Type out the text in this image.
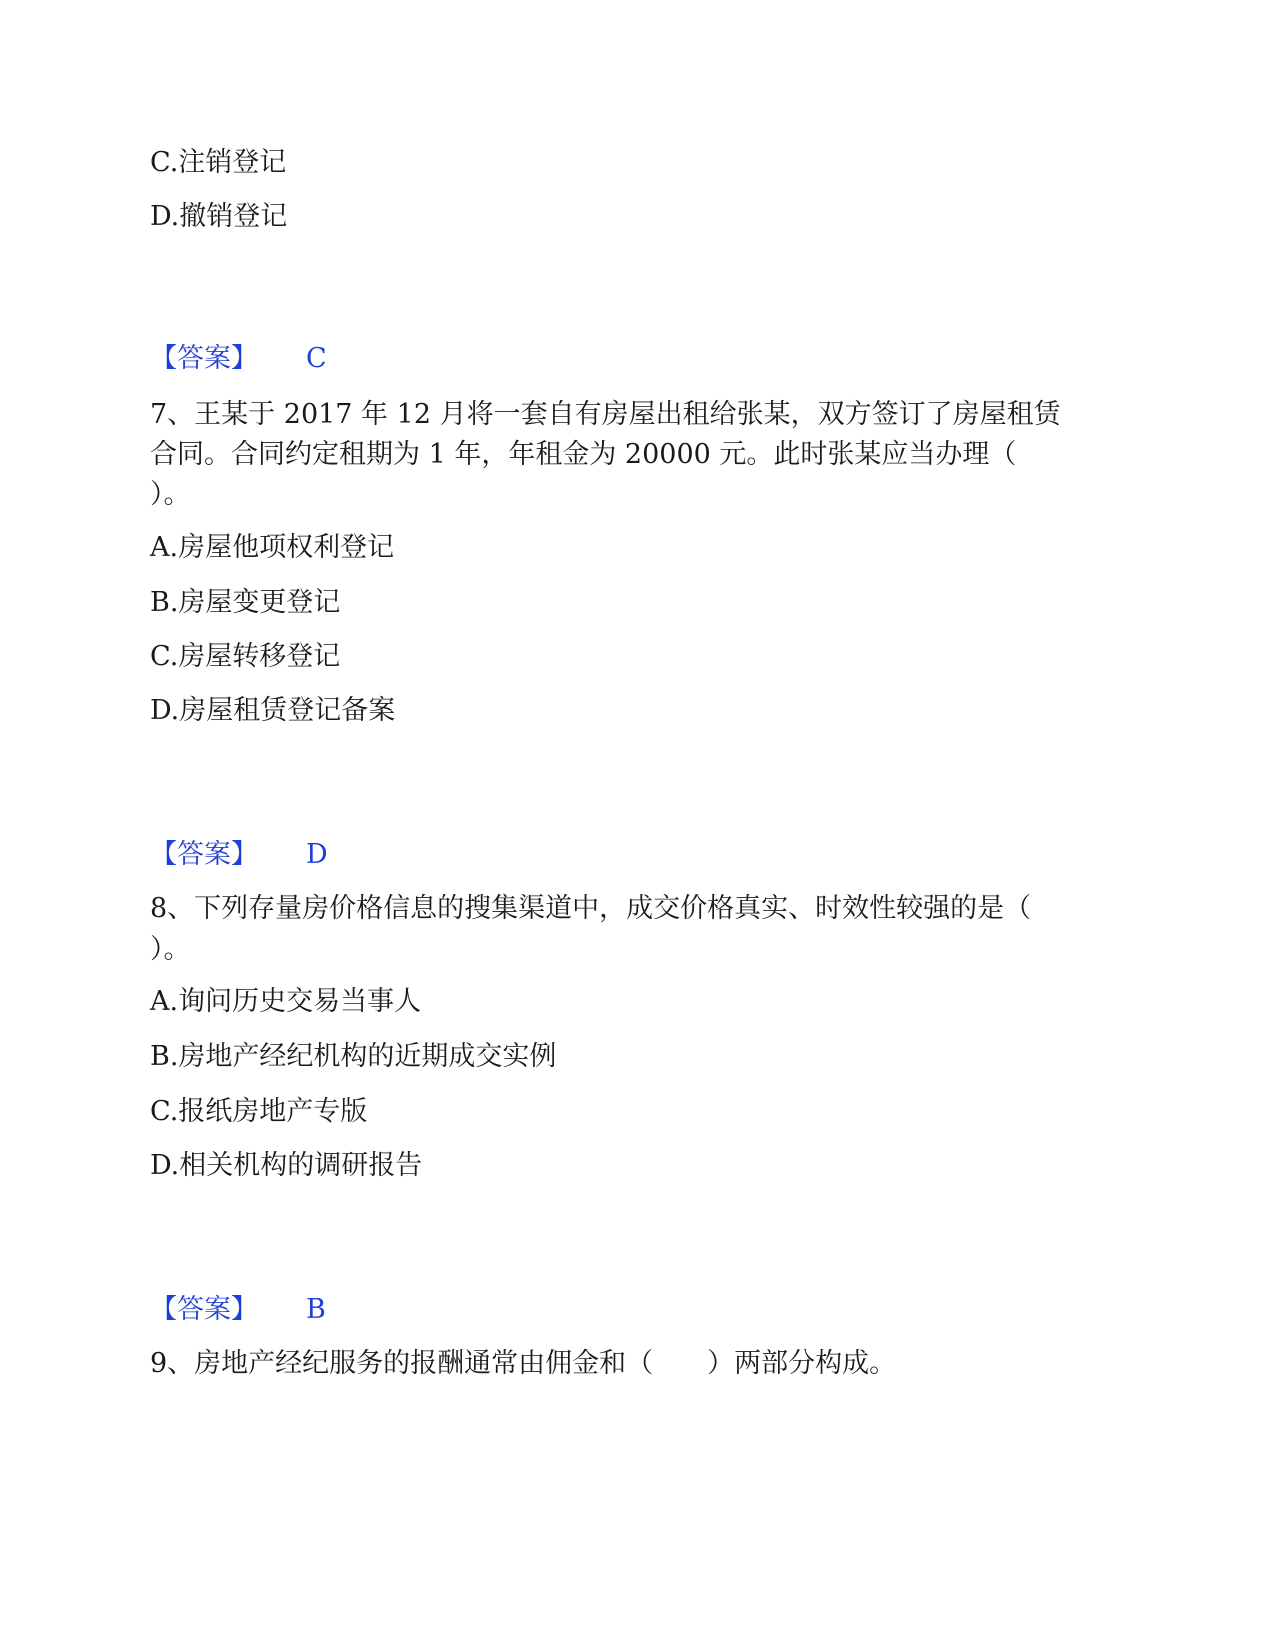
C.注销登记
D.撤销登记
【答案】 C
7、王某于 2017 年 12 月将一套自有房屋出租给张某，双方签订了房屋租赁
合同。合同约定租期为 1 年，年租金为 20000 元。此时张某应当办理（
）。
A.房屋他项权利登记
B.房屋变更登记
C.房屋转移登记
D.房屋租赁登记备案
【答案】 D
8、下列存量房价格信息的搜集渠道中，成交价格真实、时效性较强的是（
）。
A.询问历史交易当事人
B.房地产经纪机构的近期成交实例
C.报纸房地产专版
D.相关机构的调研报告
【答案】 B
9、房地产经纪服务的报酬通常由佣金和（　　）两部分构成。
